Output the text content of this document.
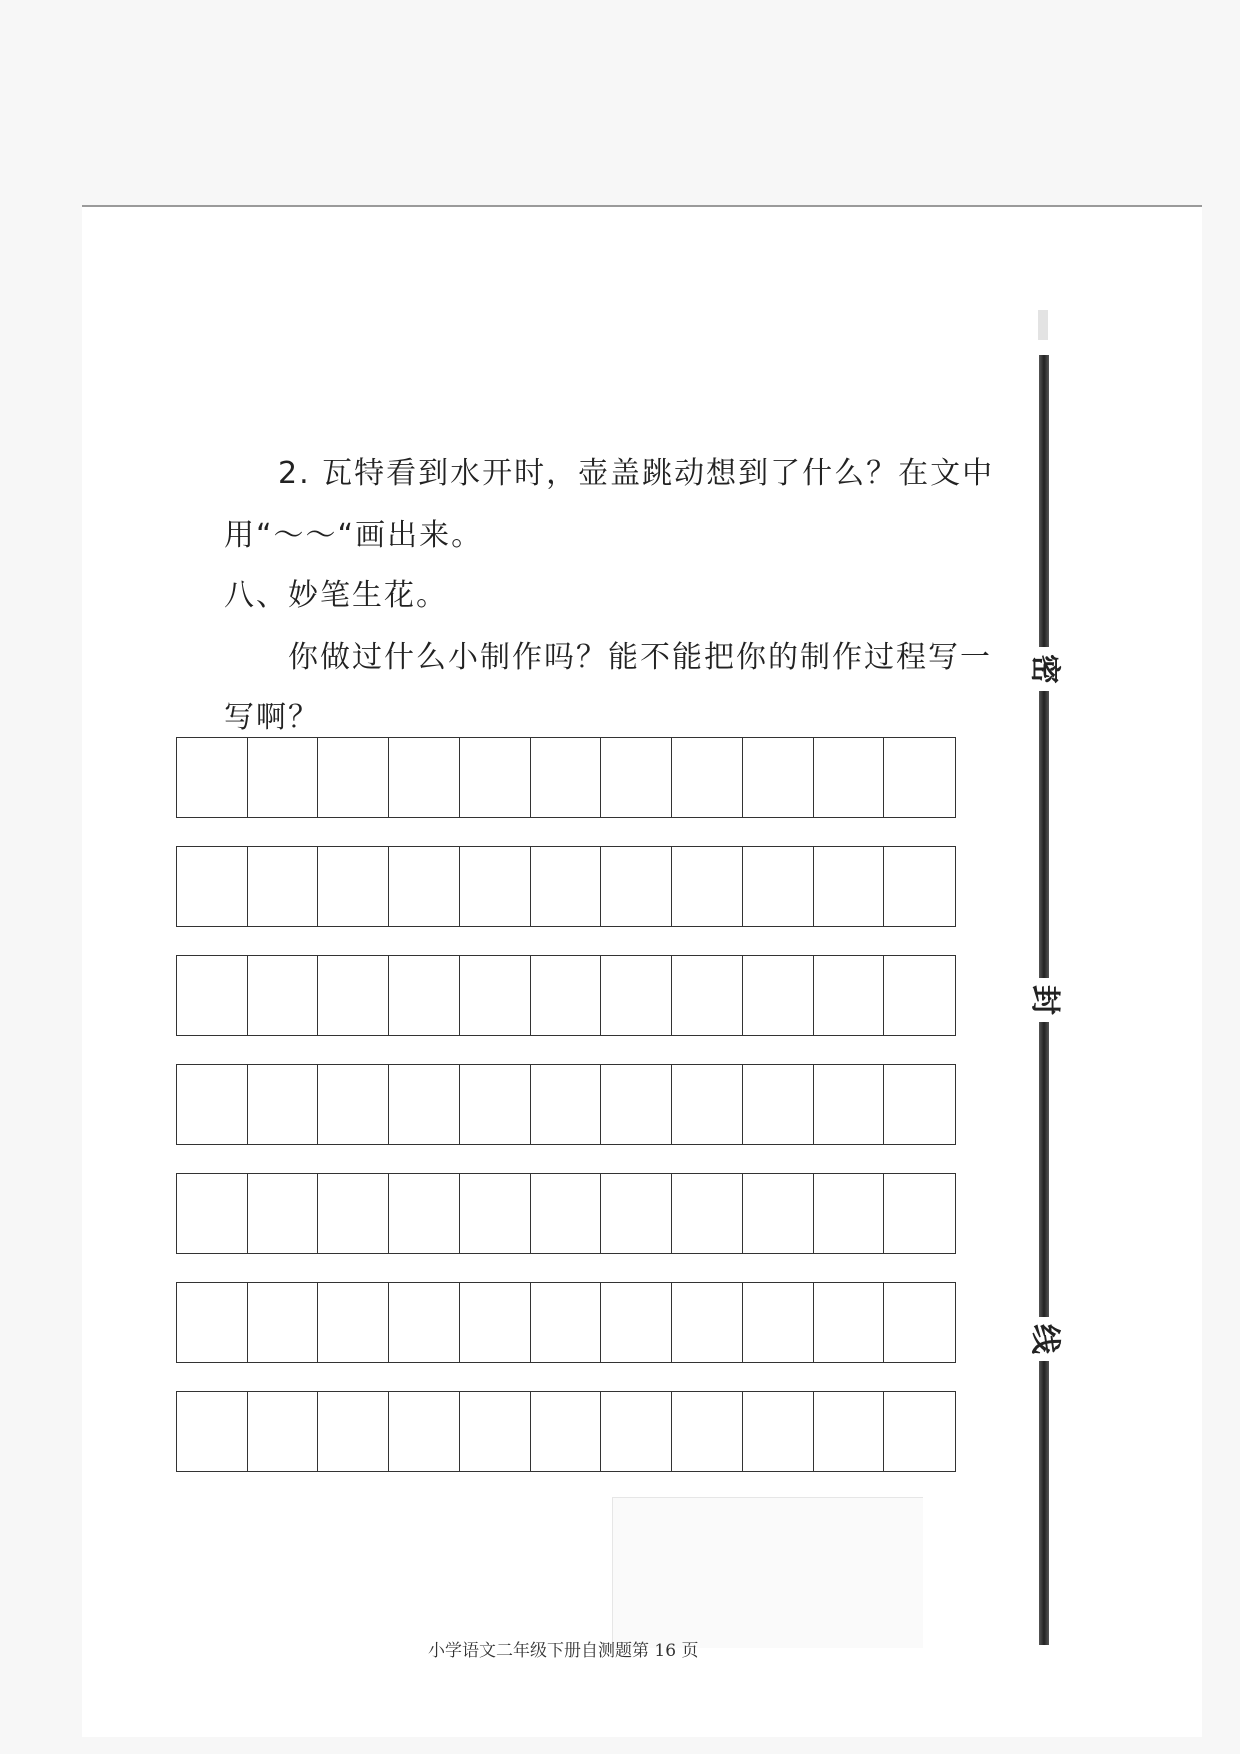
2. 瓦特看到水开时，壶盖跳动想到了什么？在文中
用“～～“画出来。
八、妙笔生花。
你做过什么小制作吗？能不能把你的制作过程写一
写啊？
密
封
线
小学语文二年级下册自测题第 16 页
